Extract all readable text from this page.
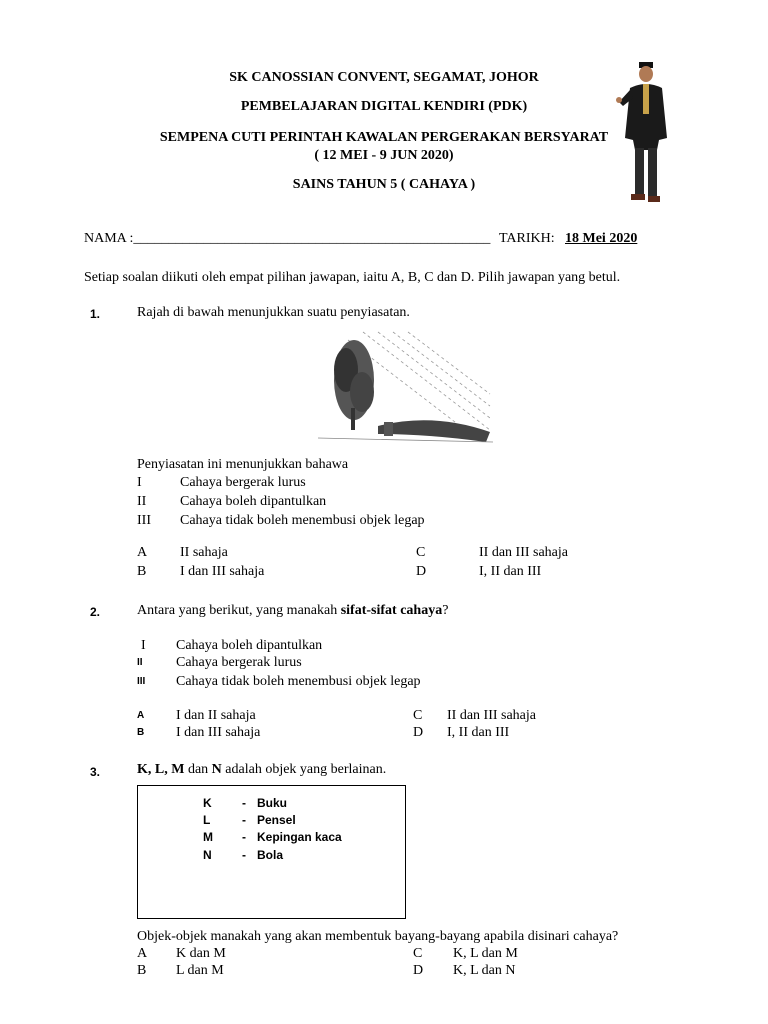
SK CANOSSIAN CONVENT, SEGAMAT, JOHOR
PEMBELAJARAN DIGITAL KENDIRI (PDK)
SEMPENA CUTI PERINTAH KAWALAN PERGERAKAN BERSYARAT
( 12 MEI - 9 JUN 2020)
SAINS TAHUN 5 ( CAHAYA )
NAMA :___________________________________________________ TARIKH: 18 Mei 2020
Setiap soalan diikuti oleh empat pilihan jawapan, iaitu A, B, C dan D. Pilih jawapan yang betul.
1.	Rajah di bawah menunjukkan suatu penyiasatan.
Penyiasatan ini menunjukkan bahawa
I	Cahaya bergerak lurus
II Cahaya boleh dipantulkan
III Cahaya tidak boleh menembusi objek legap
A II sahaja
B I dan III sahaja
C	II dan III sahaja
D	I, II dan III
2.	Antara yang berikut, yang manakah sifat-sifat cahaya?
I Cahaya boleh dipantulkan
II Cahaya bergerak lurus
III Cahaya tidak boleh menembusi objek legap
A I dan II sahaja
B I dan III sahaja
C II dan III sahaja
D I, II dan III
3.	K, L, M dan N adalah objek yang berlainan.
K	- Buku
L	- Pensel
M - Kepingan kaca
N	- Bola
Objek-objek manakah yang akan membentuk bayang-bayang apabila disinari cahaya?
A K dan M
B L dan M
C K, L dan M
D K, L dan N
